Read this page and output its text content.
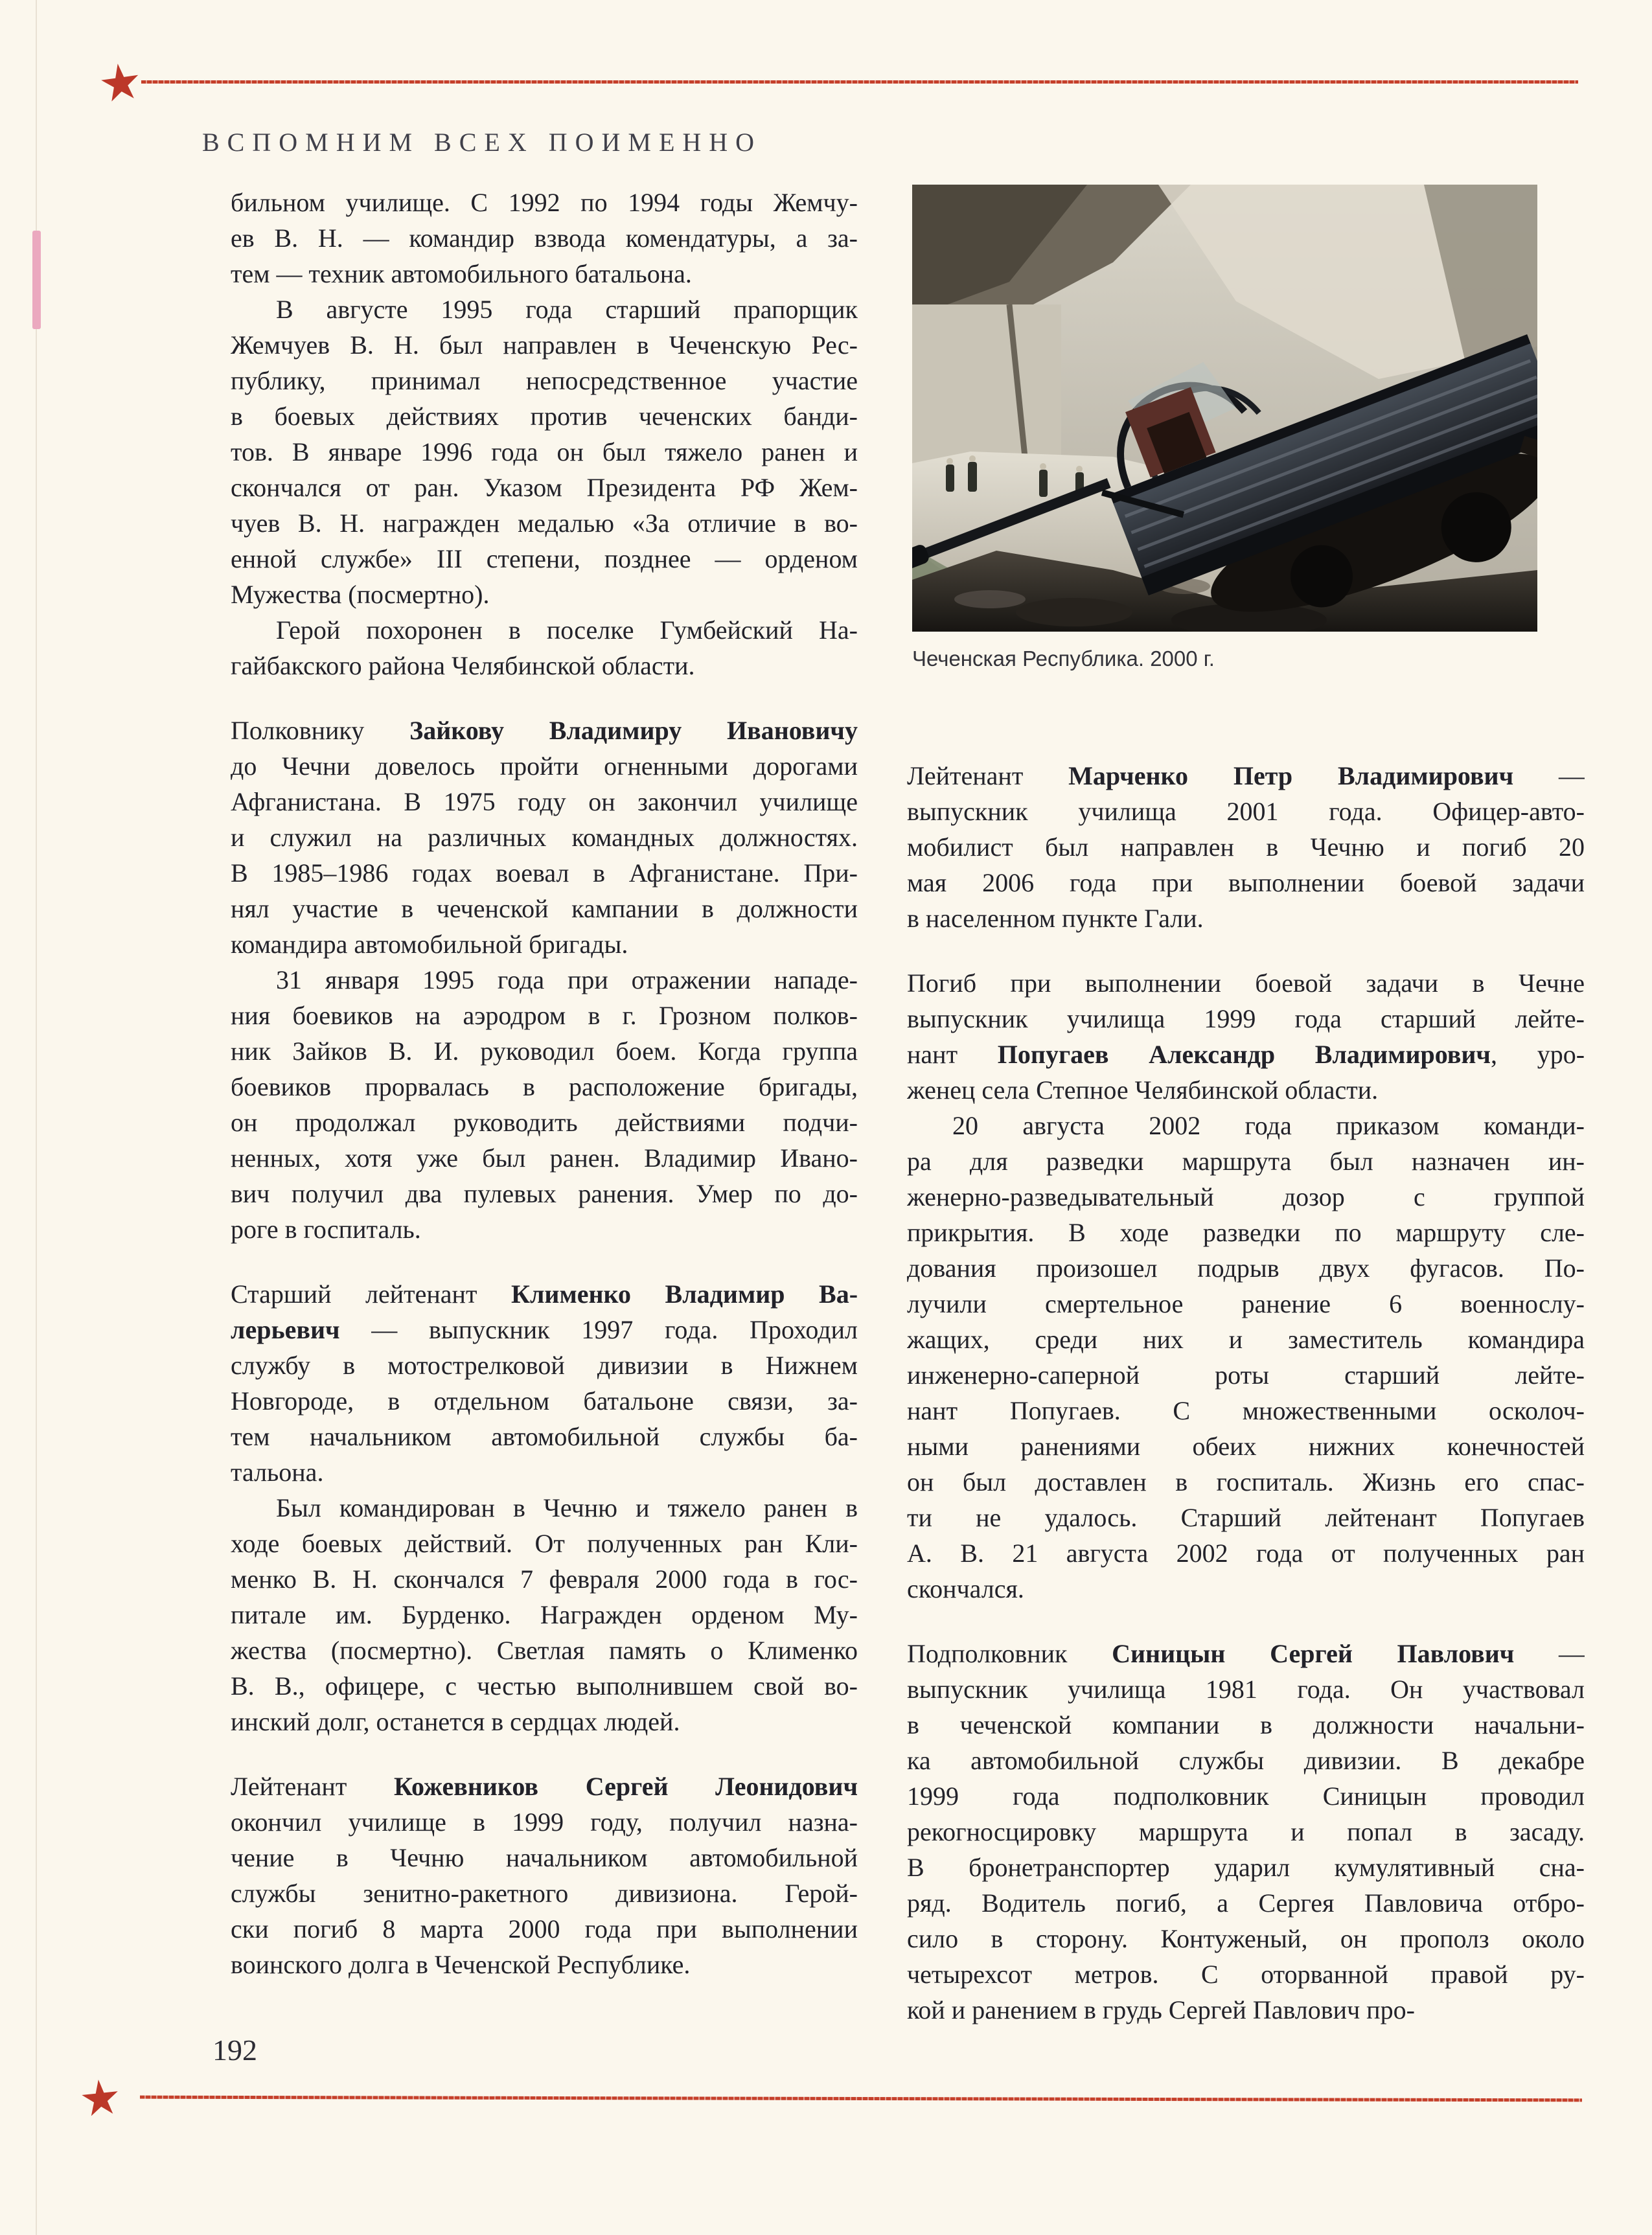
ВСПОМНИМ ВСЕХ ПОИМЕННО
Чеченская Республика. 2000 г.
бильном училище. С 1992 по 1994 годы Жемчу-
ев В. Н. — командир взвода комендатуры, а за-
тем — техник автомобильного батальона.
В августе 1995 года старший прапорщик
Жемчуев В. Н. был направлен в Чеченскую Рес-
публику, принимал непосредственное участие
в боевых действиях против чеченских банди-
тов. В январе 1996 года он был тяжело ранен и
скончался от ран. Указом Президента РФ Жем-
чуев В. Н. награжден медалью «За отличие в во-
енной службе» III степени, позднее — орденом
Мужества (посмертно).
Герой похоронен в поселке Гумбейский На-
гайбакского района Челябинской области.
Полковнику Зайкову Владимиру Ивановичу
до Чечни довелось пройти огненными дорогами
Афганистана. В 1975 году он закончил училище
и служил на различных командных должностях.
В 1985–1986 годах воевал в Афганистане. При-
нял участие в чеченской кампании в должности
командира автомобильной бригады.
31 января 1995 года при отражении нападе-
ния боевиков на аэродром в г. Грозном полков-
ник Зайков В. И. руководил боем. Когда группа
боевиков прорвалась в расположение бригады,
он продолжал руководить действиями подчи-
ненных, хотя уже был ранен. Владимир Ивано-
вич получил два пулевых ранения. Умер по до-
роге в госпиталь.
Старший лейтенант Клименко Владимир Ва-
лерьевич — выпускник 1997 года. Проходил
службу в мотострелковой дивизии в Нижнем
Новгороде, в отдельном батальоне связи, за-
тем начальником автомобильной службы ба-
тальона.
Был командирован в Чечню и тяжело ранен в
ходе боевых действий. От полученных ран Кли-
менко В. Н. скончался 7 февраля 2000 года в гос-
питале им. Бурденко. Награжден орденом Му-
жества (посмертно). Светлая память о Клименко
В. В., офицере, с честью выполнившем свой во-
инский долг, останется в сердцах людей.
Лейтенант Кожевников Сергей Леонидович
окончил училище в 1999 году, получил назна-
чение в Чечню начальником автомобильной
службы зенитно-ракетного дивизиона. Герой-
ски погиб 8 марта 2000 года при выполнении
воинского долга в Чеченской Республике.
Лейтенант Марченко Петр Владимирович —
выпускник училища 2001 года. Офицер-авто-
мобилист был направлен в Чечню и погиб 20
мая 2006 года при выполнении боевой задачи
в населенном пункте Гали.
Погиб при выполнении боевой задачи в Чечне
выпускник училища 1999 года старший лейте-
нант Попугаев Александр Владимирович, уро-
женец села Степное Челябинской области.
20 августа 2002 года приказом команди-
ра для разведки маршрута был назначен ин-
женерно-разведывательный дозор с группой
прикрытия. В ходе разведки по маршруту сле-
дования произошел подрыв двух фугасов. По-
лучили смертельное ранение 6 военнослу-
жащих, среди них и заместитель командира
инженерно-саперной роты старший лейте-
нант Попугаев. С множественными осколоч-
ными ранениями обеих нижних конечностей
он был доставлен в госпиталь. Жизнь его спас-
ти не удалось. Старший лейтенант Попугаев
А. В. 21 августа 2002 года от полученных ран
скончался.
Подполковник Синицын Сергей Павлович —
выпускник училища 1981 года. Он участвовал
в чеченской компании в должности начальни-
ка автомобильной службы дивизии. В декабре
1999 года подполковник Синицын проводил
рекогносцировку маршрута и попал в засаду.
В бронетранспортер ударил кумулятивный сна-
ряд. Водитель погиб, а Сергея Павловича отбро-
сило в сторону. Контуженый, он прополз около
четырехсот метров. С оторванной правой ру-
кой и ранением в грудь Сергей Павлович про-
192
